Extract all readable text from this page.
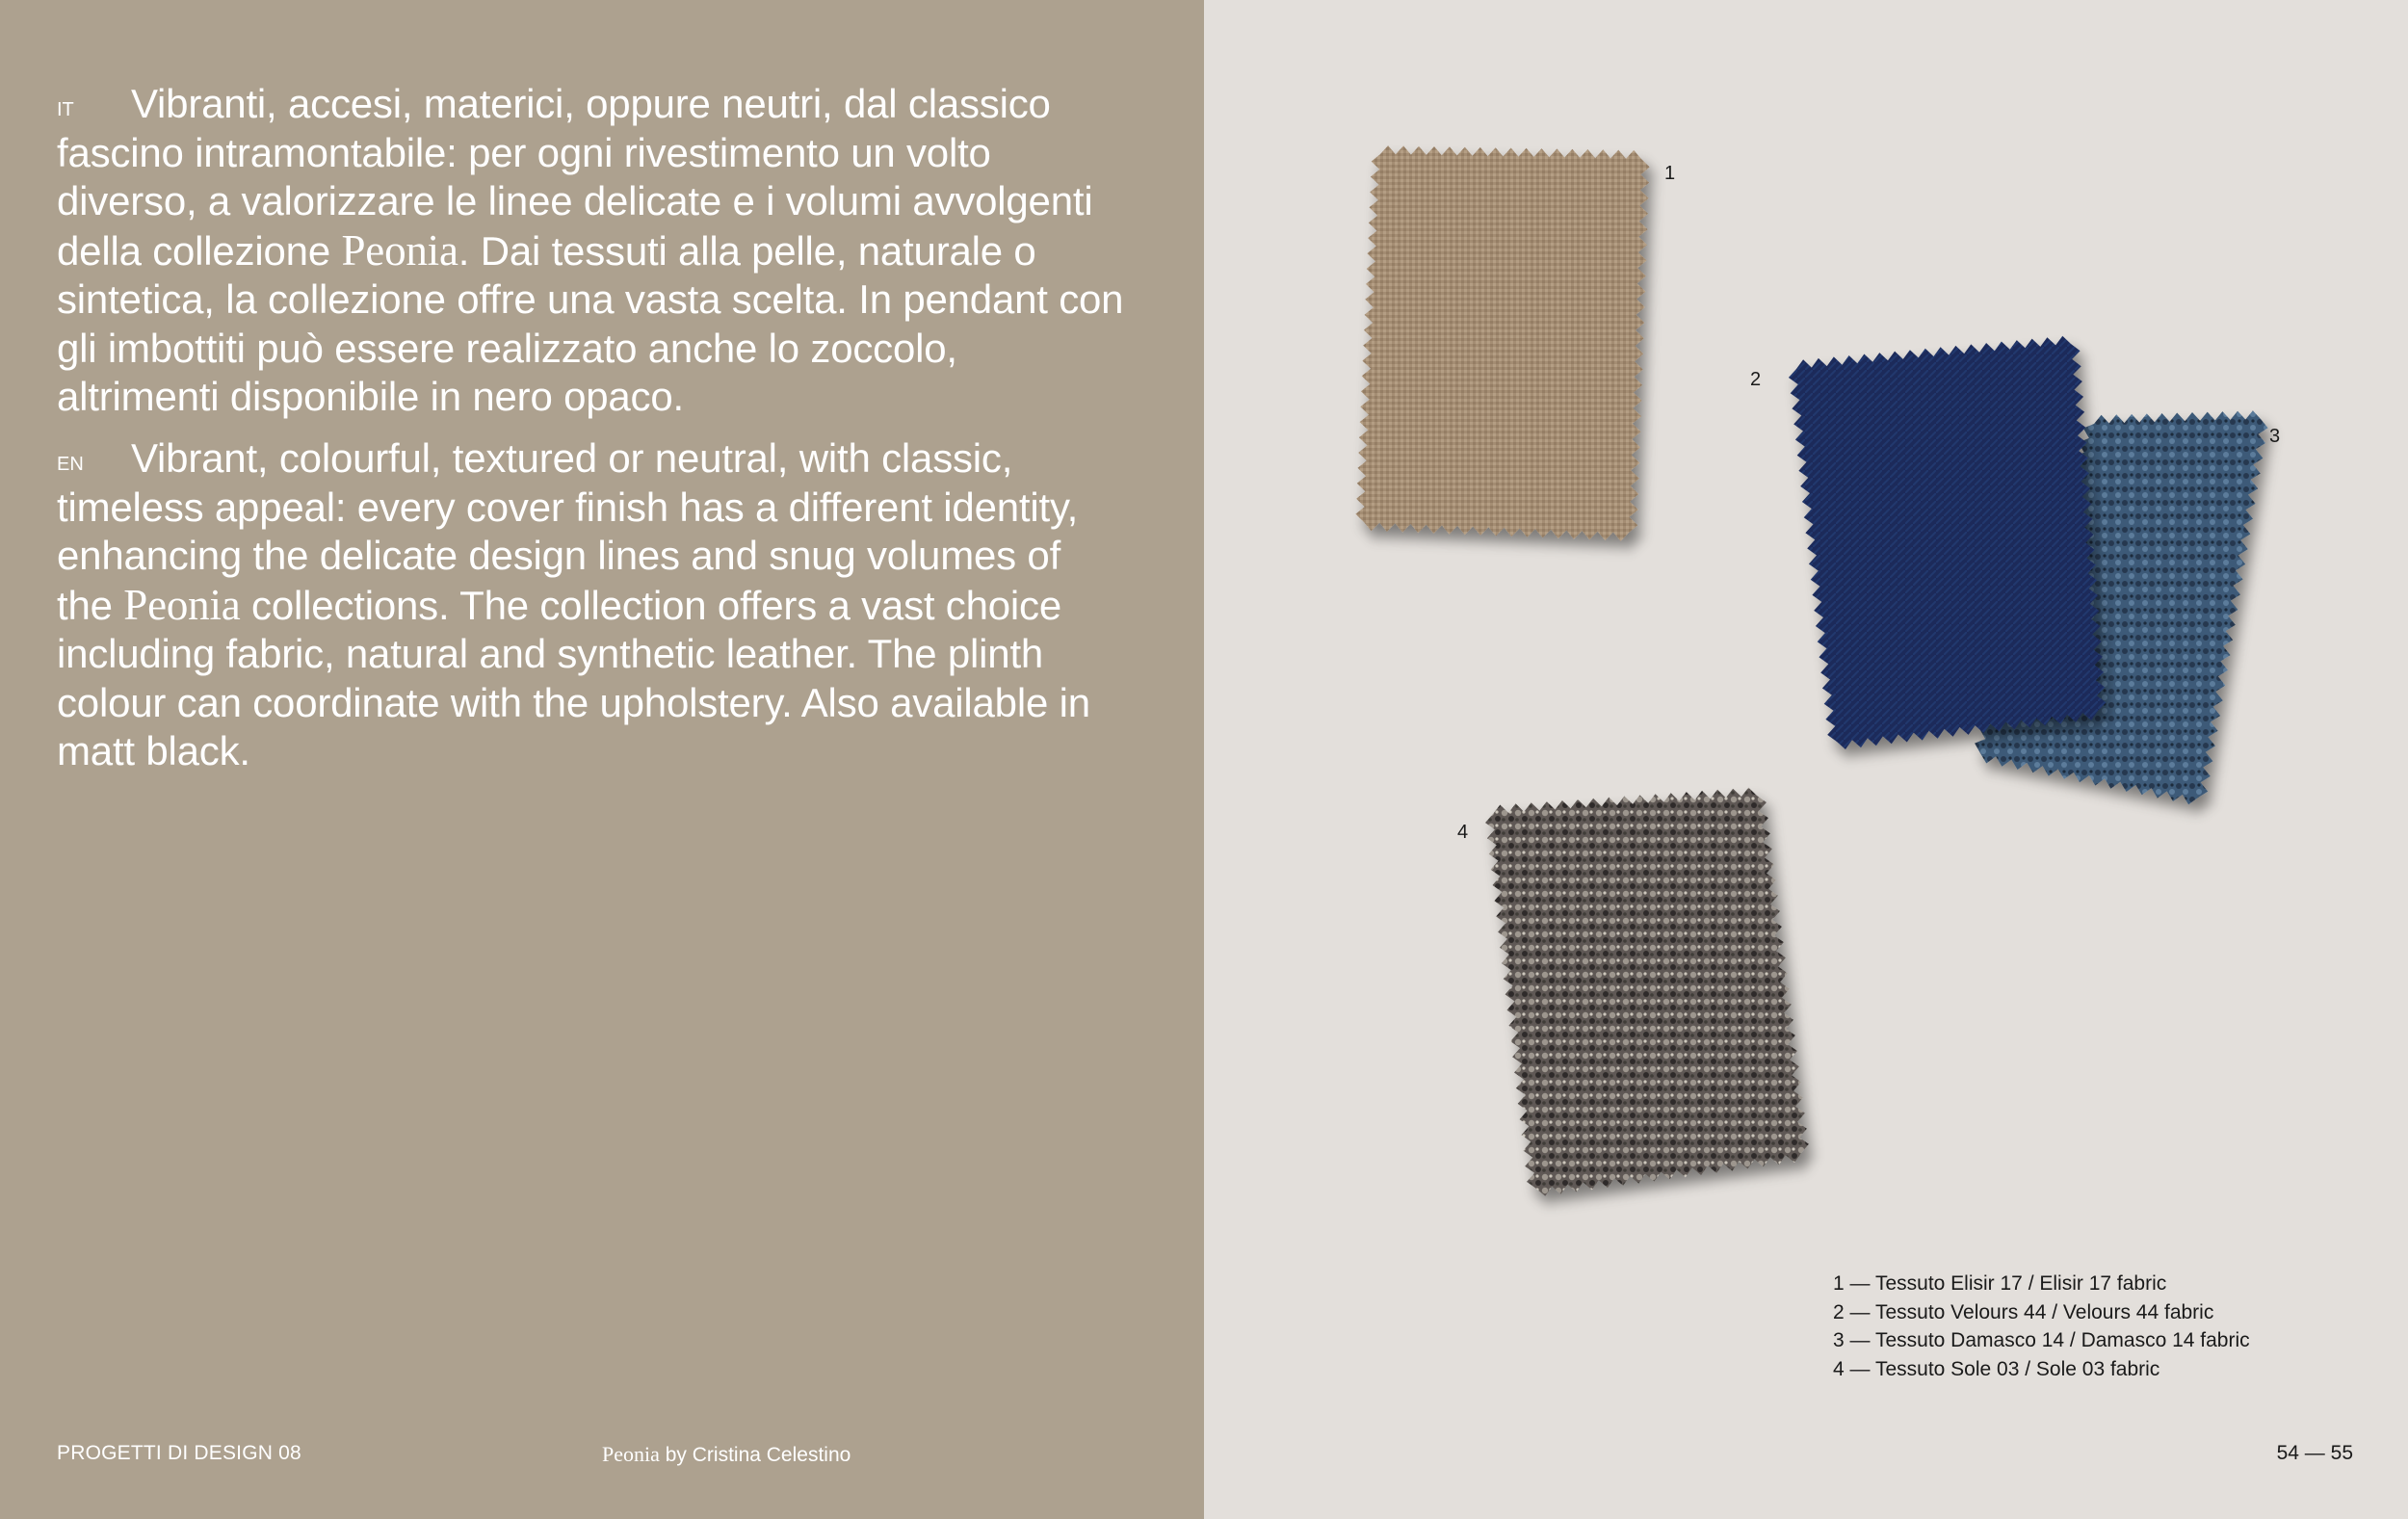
IT Vibranti, accesi, materici, oppure neutri, dal classico fascino intramontabile: per ogni rivestimento un volto diverso, a valorizzare le linee delicate e i volumi avvolgenti della collezione Peonia. Dai tessuti alla pelle, naturale o sintetica, la collezione offre una vasta scelta. In pendant con gli imbottiti può essere realizzato anche lo zoccolo, altrimenti disponibile in nero opaco.

EN Vibrant, colourful, textured or neutral, with classic, timeless appeal: every cover finish has a different identity, enhancing the delicate design lines and snug volumes of the Peonia collections. The collection offers a vast choice including fabric, natural and synthetic leather. The plinth colour can coordinate with the upholstery. Also available in matt black.

PROGETTI DI DESIGN 08	Peonia by Cristina Celestino	54 — 55
1
2
3
4
1 — Tessuto Elisir 17 / Elisir 17 fabric
2 — Tessuto Velours 44 / Velours 44 fabric
3 — Tessuto Damasco 14 / Damasco 14 fabric
4 — Tessuto Sole 03 / Sole 03 fabric
